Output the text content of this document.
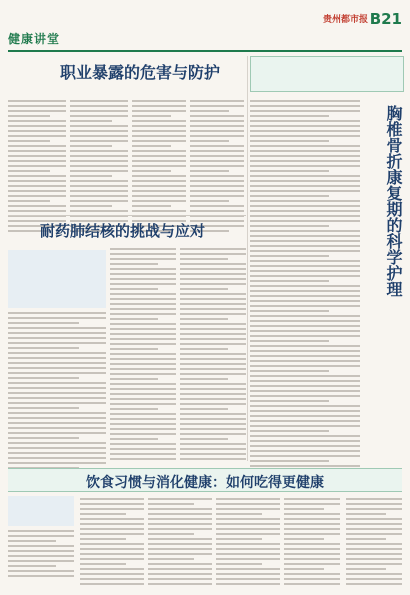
健康讲堂
贵州都市报 B21
职业暴露的危害与防护
胸椎骨折康复期的科学护理
耐药肺结核的挑战与应对
饮食习惯与消化健康：如何吃得更健康
